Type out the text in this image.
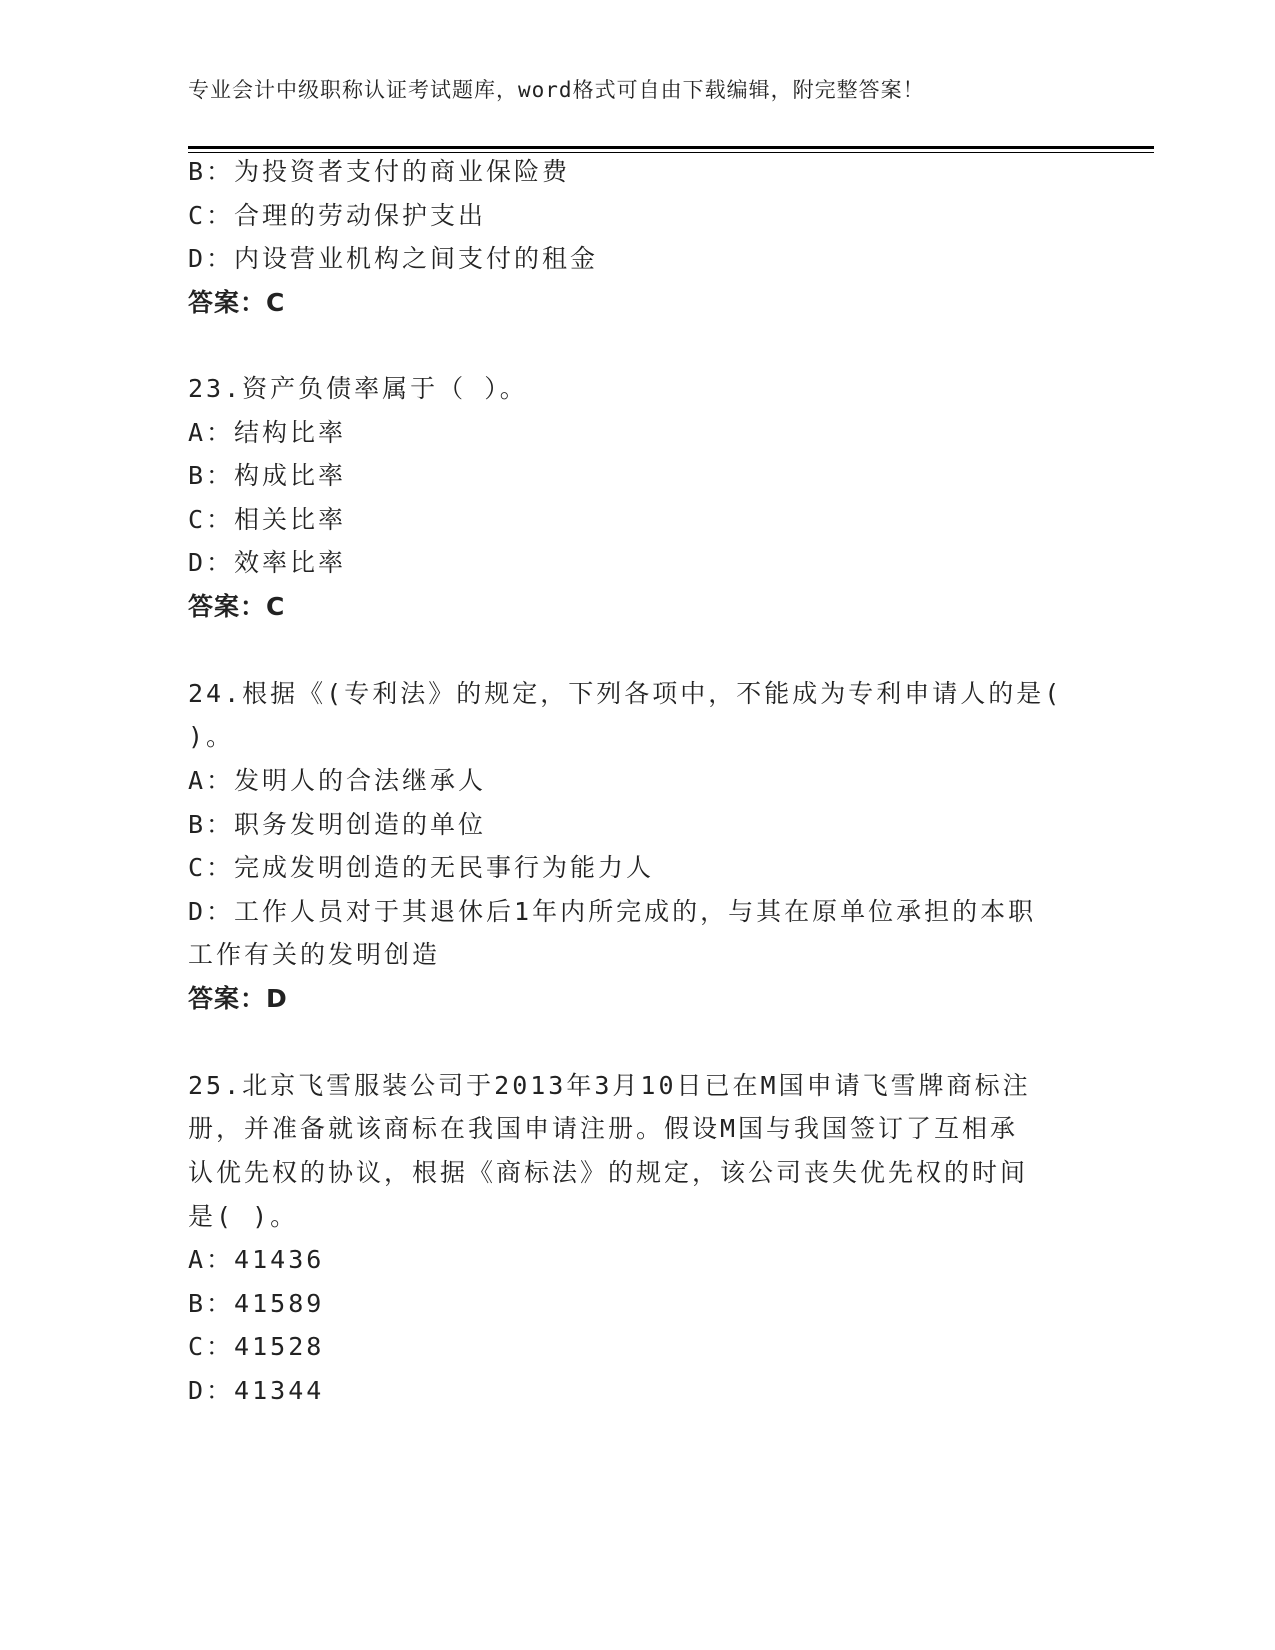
专业会计中级职称认证考试题库，word格式可自由下载编辑，附完整答案！
B：为投资者支付的商业保险费
C：合理的劳动保护支出
D：内设营业机构之间支付的租金
答案：C
23.资产负债率属于（ ）。
A：结构比率
B：构成比率
C：相关比率
D：效率比率
答案：C
24.根据《(专利法》的规定，下列各项中，不能成为专利申请人的是(
)。
A：发明人的合法继承人
B：职务发明创造的单位
C：完成发明创造的无民事行为能力人
D：工作人员对于其退休后1年内所完成的，与其在原单位承担的本职
工作有关的发明创造
答案：D
25.北京飞雪服装公司于2013年3月10日已在M国申请飞雪牌商标注
册，并准备就该商标在我国申请注册。假设M国与我国签订了互相承
认优先权的协议，根据《商标法》的规定，该公司丧失优先权的时间
是( )。
A：41436
B：41589
C：41528
D：41344
